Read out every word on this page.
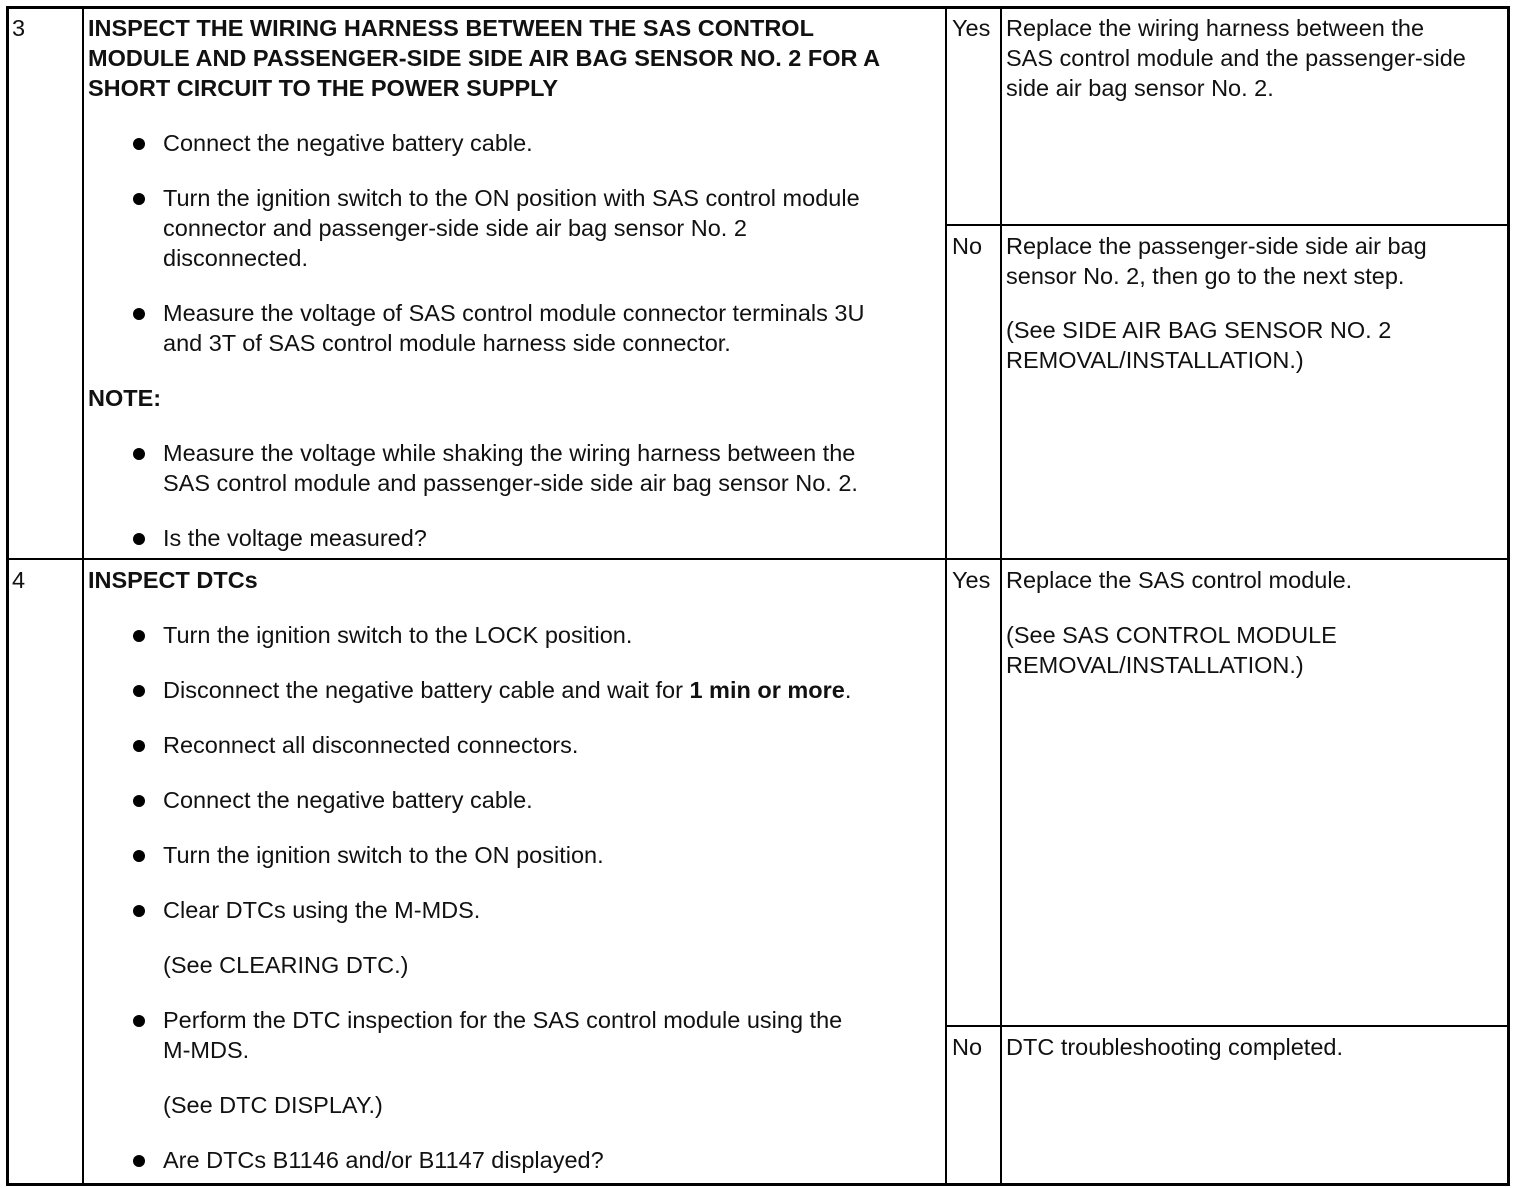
3	INSPECT THE WIRING HARNESS BETWEEN THE SAS CONTROL
MODULE AND PASSENGER-SIDE SIDE AIR BAG SENSOR NO. 2 FOR A
SHORT CIRCUIT TO THE POWER SUPPLY
Connect the negative battery cable.
Turn the ignition switch to the ON position with SAS control module
connector and passenger-side side air bag sensor No. 2
disconnected.
Measure the voltage of SAS control module connector terminals 3U
and 3T of SAS control module harness side connector.
NOTE:
Measure the voltage while shaking the wiring harness between the
SAS control module and passenger-side side air bag sensor No. 2.
Is the voltage measured?
Yes Replace the wiring harness between the
SAS control module and the passenger-side
side air bag sensor No. 2.
No Replace the passenger-side side air bag
sensor No. 2, then go to the next step.
(See SIDE AIR BAG SENSOR NO. 2
REMOVAL/INSTALLATION.)
4	INSPECT DTCs
Turn the ignition switch to the LOCK position.
Disconnect the negative battery cable and wait for 1 min or more.
Reconnect all disconnected connectors.
Connect the negative battery cable.
Turn the ignition switch to the ON position.
Clear DTCs using the M-MDS.
(See CLEARING DTC.)
Perform the DTC inspection for the SAS control module using the
M-MDS.
(See DTC DISPLAY.)
Are DTCs B1146 and/or B1147 displayed?
Yes Replace the SAS control module.
(See SAS CONTROL MODULE
REMOVAL/INSTALLATION.)
No DTC troubleshooting completed.
